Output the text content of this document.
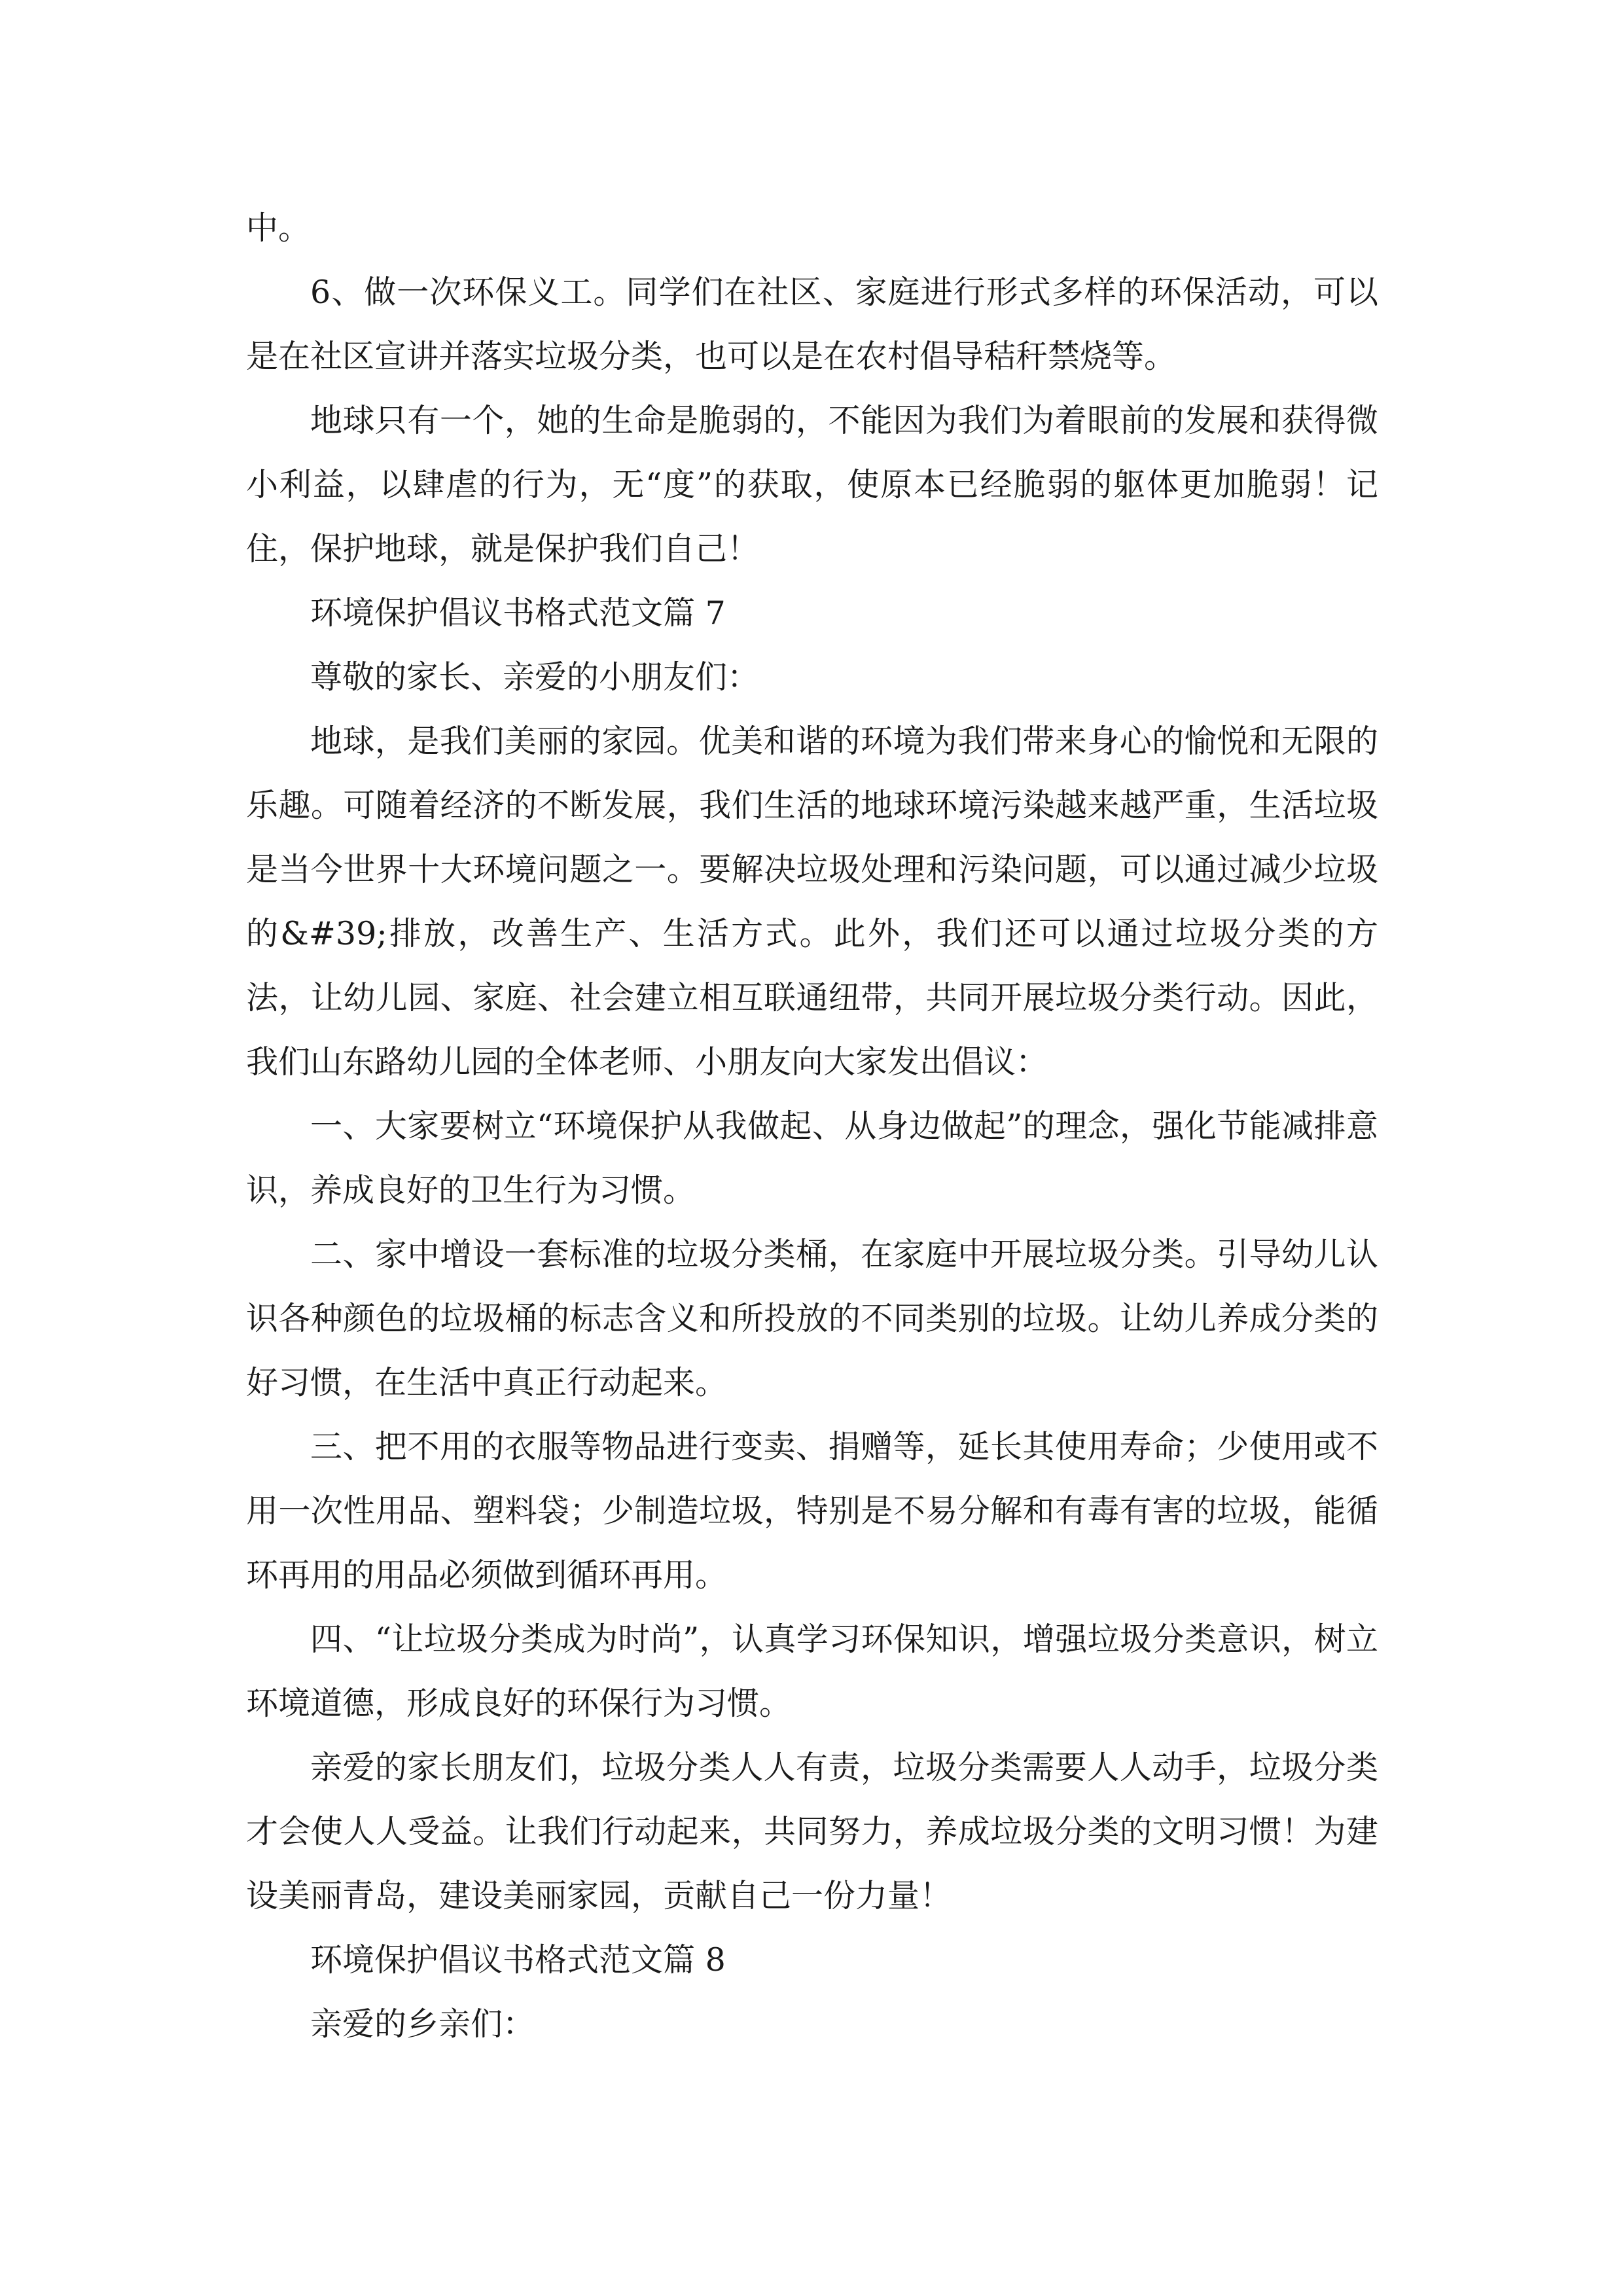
中。

6、做一次环保义工。同学们在社区、家庭进行形式多样的环保活动，可以是在社区宣讲并落实垃圾分类，也可以是在农村倡导秸秆禁烧等。

地球只有一个，她的生命是脆弱的，不能因为我们为着眼前的发展和获得微小利益，以肆虐的行为，无“度”的获取，使原本已经脆弱的躯体更加脆弱！记住，保护地球，就是保护我们自己！

环境保护倡议书格式范文篇 7

尊敬的家长、亲爱的小朋友们：

地球，是我们美丽的家园。优美和谐的环境为我们带来身心的愉悦和无限的乐趣。可随着经济的不断发展，我们生活的地球环境污染越来越严重，生活垃圾是当今世界十大环境问题之一。要解决垃圾处理和污染问题，可以通过减少垃圾的&#39;排放，改善生产、生活方式。此外，我们还可以通过垃圾分类的方法，让幼儿园、家庭、社会建立相互联通纽带，共同开展垃圾分类行动。因此，我们山东路幼儿园的全体老师、小朋友向大家发出倡议：

一、大家要树立“环境保护从我做起、从身边做起”的理念，强化节能减排意识，养成良好的卫生行为习惯。

二、家中增设一套标准的垃圾分类桶，在家庭中开展垃圾分类。引导幼儿认识各种颜色的垃圾桶的标志含义和所投放的不同类别的垃圾。让幼儿养成分类的好习惯，在生活中真正行动起来。

三、把不用的衣服等物品进行变卖、捐赠等，延长其使用寿命；少使用或不用一次性用品、塑料袋；少制造垃圾，特别是不易分解和有毒有害的垃圾，能循环再用的用品必须做到循环再用。

四、“让垃圾分类成为时尚”，认真学习环保知识，增强垃圾分类意识，树立环境道德，形成良好的环保行为习惯。

亲爱的家长朋友们，垃圾分类人人有责，垃圾分类需要人人动手，垃圾分类才会使人人受益。让我们行动起来，共同努力，养成垃圾分类的文明习惯！为建设美丽青岛，建设美丽家园，贡献自己一份力量！

环境保护倡议书格式范文篇 8

亲爱的乡亲们：
